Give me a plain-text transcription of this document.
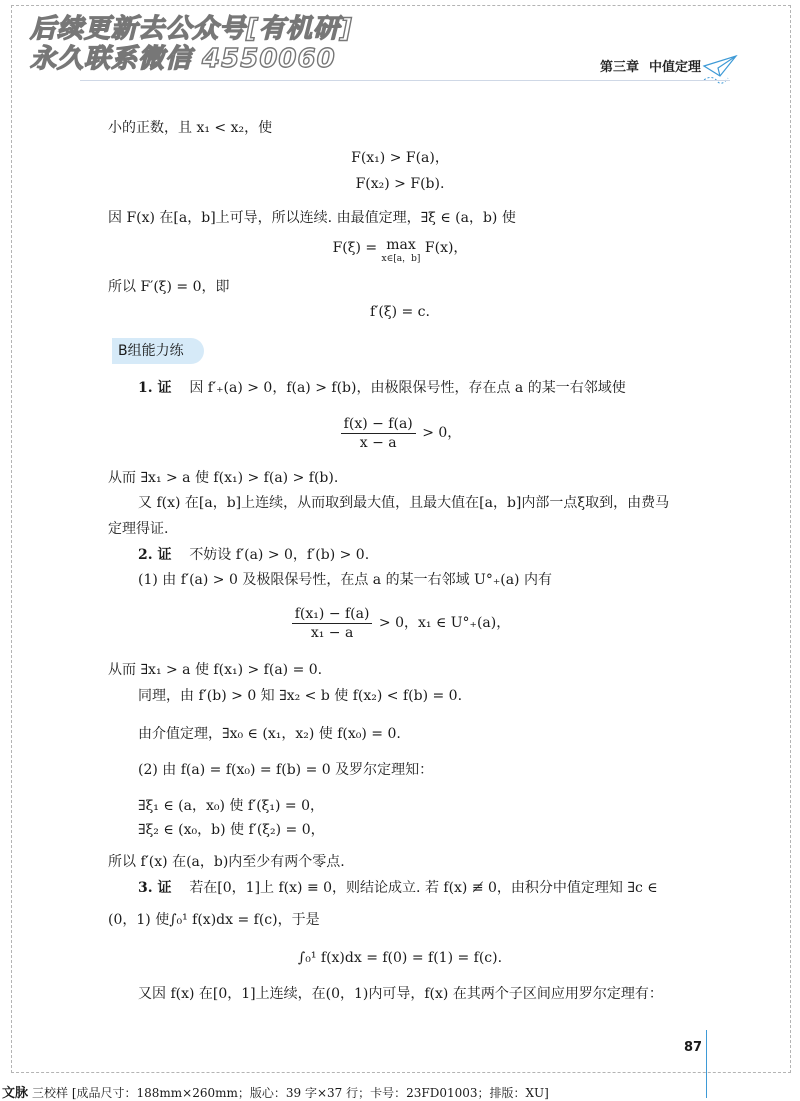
后续更新去公众号[有机研]
永久联系微信 4550060	第三章 中值定理
小的正数，且 x₁ < x₂，使
F(x₁) > F(a)，
F(x₂) > F(b).
因 F(x) 在[a，b]上可导，所以连续. 由最值定理，∃ξ ∈ (a，b) 使
F(ξ) = max
x∈[a，b]
F(x)，
所以 F′(ξ) = 0，即
f′(ξ) = c.
B组能力练
1. 证 因 f′₊(a) > 0，f(a) > f(b)，由极限保号性，存在点 a 的某一右邻域使
$\frac{f(x) - f(a)}{x - a} > 0$，
从而 ∃x₁ > a 使 f(x₁) > f(a) > f(b).
又 f(x) 在[a，b]上连续，从而取到最大值，且最大值在[a，b]内部一点ξ取到，由费马
定理得证.
2. 证 不妨设 f′(a) > 0，f′(b) > 0.
(1) 由 f′(a) > 0 及极限保号性，在点 a 的某一右邻域 U°₊(a) 内有
$\frac{\text{f(x₁) − f(a)}}{\text{x₁ − a}} > 0$，x₁ ∈ U°₊(a)，
从而 ∃x₁ > a 使 f(x₁) > f(a) = 0.
同理，由 f′(b) > 0 知 ∃x₂ < b 使 f(x₂) < f(b) = 0.
由介值定理，∃x₀ ∈ (x₁，x₂) 使 f(x₀) = 0.
(2) 由 f(a) = f(x₀) = f(b) = 0 及罗尔定理知：
∃ξ₁ ∈ (a，x₀) 使 f′(ξ₁) = 0，
∃ξ₂ ∈ (x₀，b) 使 f′(ξ₂) = 0，
所以 f′(x) 在(a，b)内至少有两个零点.
3. 证 若在[0，1]上 f(x) ≡ 0，则结论成立. 若 f(x) ≢ 0，由积分中值定理知 ∃c ∈
(0，1) 使∫₀¹ f(x)dx = f(c)，于是
∫₀¹ f(x)dx = f(0) = f(1) = f(c).
又因 f(x) 在[0，1]上连续，在(0，1)内可导，f(x) 在其两个子区间应用罗尔定理有：
87
文脉 三校样 [成品尺寸：188mm×260mm；版心：39 字×37 行；卡号：23FD01003；排版：XU]
